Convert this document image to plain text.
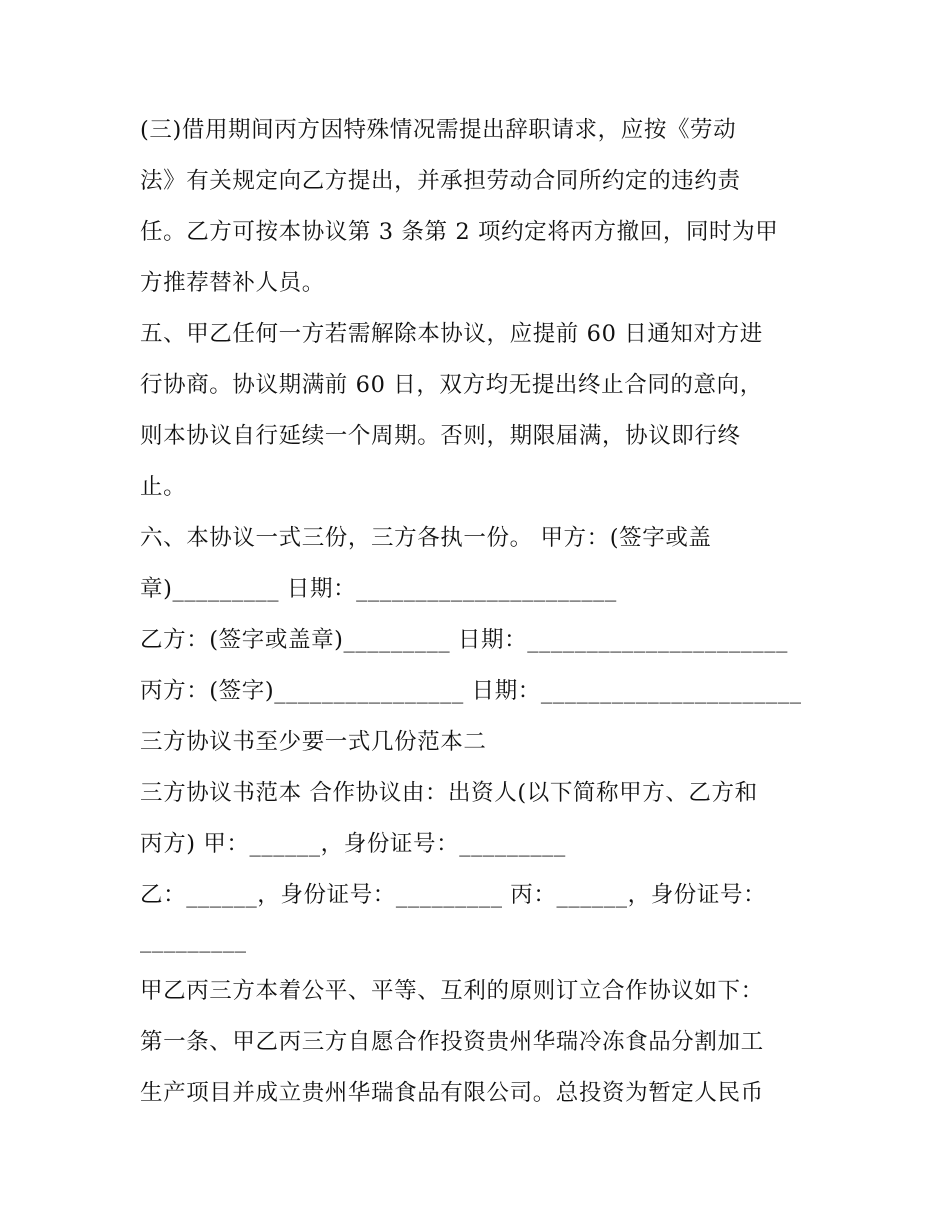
(三)借用期间丙方因特殊情况需提出辞职请求，应按《劳动
法》有关规定向乙方提出，并承担劳动合同所约定的违约责
任。乙方可按本协议第 3 条第 2 项约定将丙方撤回，同时为甲
方推荐替补人员。
五、甲乙任何一方若需解除本协议，应提前 60 日通知对方进
行协商。协议期满前 60 日，双方均无提出终止合同的意向，
则本协议自行延续一个周期。否则，期限届满，协议即行终
止。
六、本协议一式三份，三方各执一份。 甲方：(签字或盖
章)_________ 日期：______________________
乙方：(签字或盖章)_________ 日期：______________________
丙方：(签字)________________ 日期：______________________
三方协议书至少要一式几份范本二
三方协议书范本 合作协议由：出资人(以下简称甲方、乙方和
丙方) 甲：______，身份证号：_________
乙：______，身份证号：_________ 丙：______，身份证号：
_________
甲乙丙三方本着公平、平等、互利的原则订立合作协议如下：
第一条、甲乙丙三方自愿合作投资贵州华瑞冷冻食品分割加工
生产项目并成立贵州华瑞食品有限公司。总投资为暂定人民币
